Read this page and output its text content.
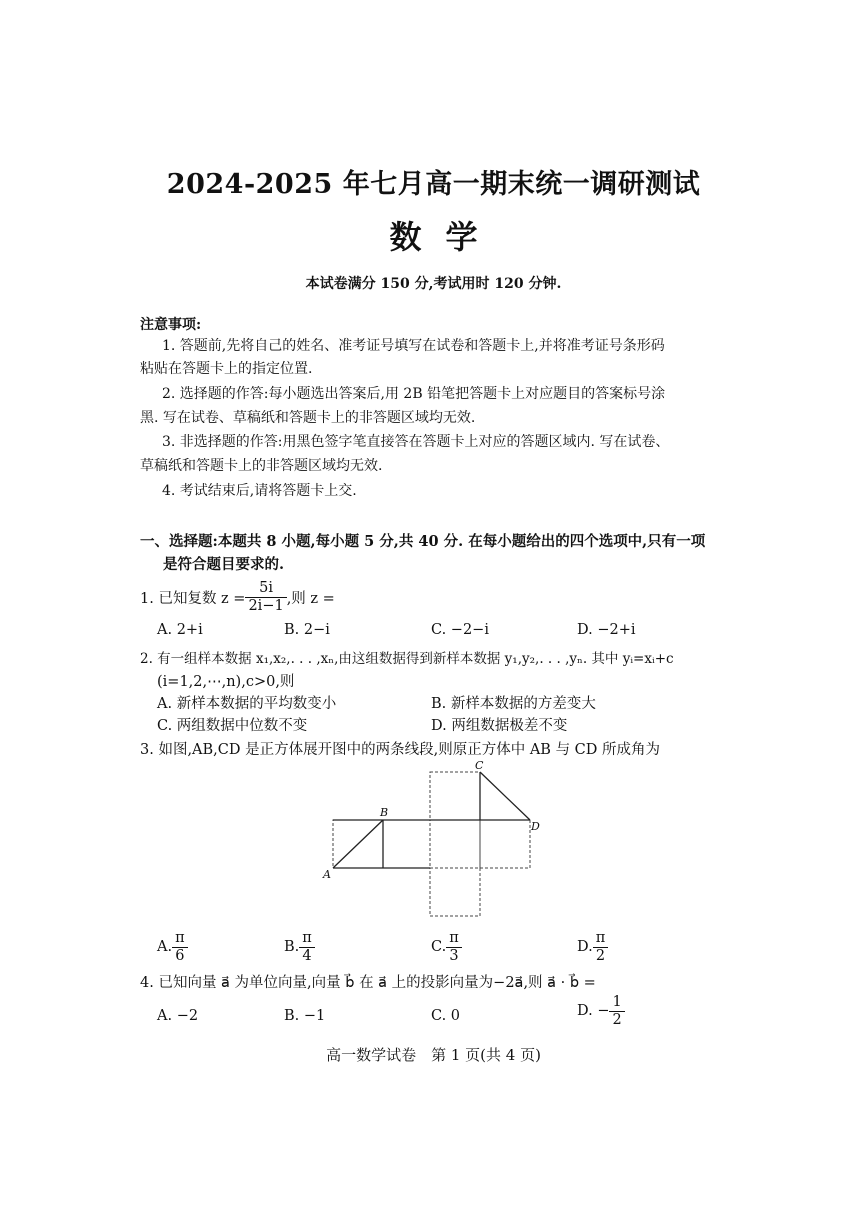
2024-2025 年七月高一期末统一调研测试
数学
本试卷满分 150 分,考试用时 120 分钟.
注意事项:
1. 答题前,先将自己的姓名、准考证号填写在试卷和答题卡上,并将准考证号条形码
粘贴在答题卡上的指定位置.
2. 选择题的作答:每小题选出答案后,用 2B 铅笔把答题卡上对应题目的答案标号涂
黑. 写在试卷、草稿纸和答题卡上的非答题区域均无效.
3. 非选择题的作答:用黑色签字笔直接答在答题卡上对应的答题区域内. 写在试卷、
草稿纸和答题卡上的非答题区域均无效.
4. 考试结束后,请将答题卡上交.
一、选择题:本题共 8 小题,每小题 5 分,共 40 分. 在每小题给出的四个选项中,只有一项
是符合题目要求的.
1. 已知复数 $z = \frac{5i}{2i-1}$ ,则 z =
A. 2+i	B. 2−i	C. −2−i	D. −2+i
2. 有一组样本数据 x₁,x₂,. . . ,xₙ,由这组数据得到新样本数据 y₁,y₂,. . . ,yₙ. 其中 yᵢ=xᵢ+c
(i=1,2,⋯,n),c>0,则
A. 新样本数据的平均数变小	B. 新样本数据的方差变大
C. 两组数据中位数不变	D. 两组数据极差不变
3. 如图,AB,CD 是正方体展开图中的两条线段,则原正方体中 AB 与 CD 所成角为
A
B
C
D
A. $\frac{\pi}{6}$	B. $\frac{\pi}{4}$	C. $\frac{\pi}{3}$	D. $\frac{\pi}{2}$
4. 已知向量 a⃗ 为单位向量,向量 b⃗ 在 a⃗ 上的投影向量为−2a⃗,则 a⃗ · b⃗ =
A. −2	B. −1	C. 0	D. − $\frac{1}{2}$
高一数学试卷　第 1 页(共 4 页)
